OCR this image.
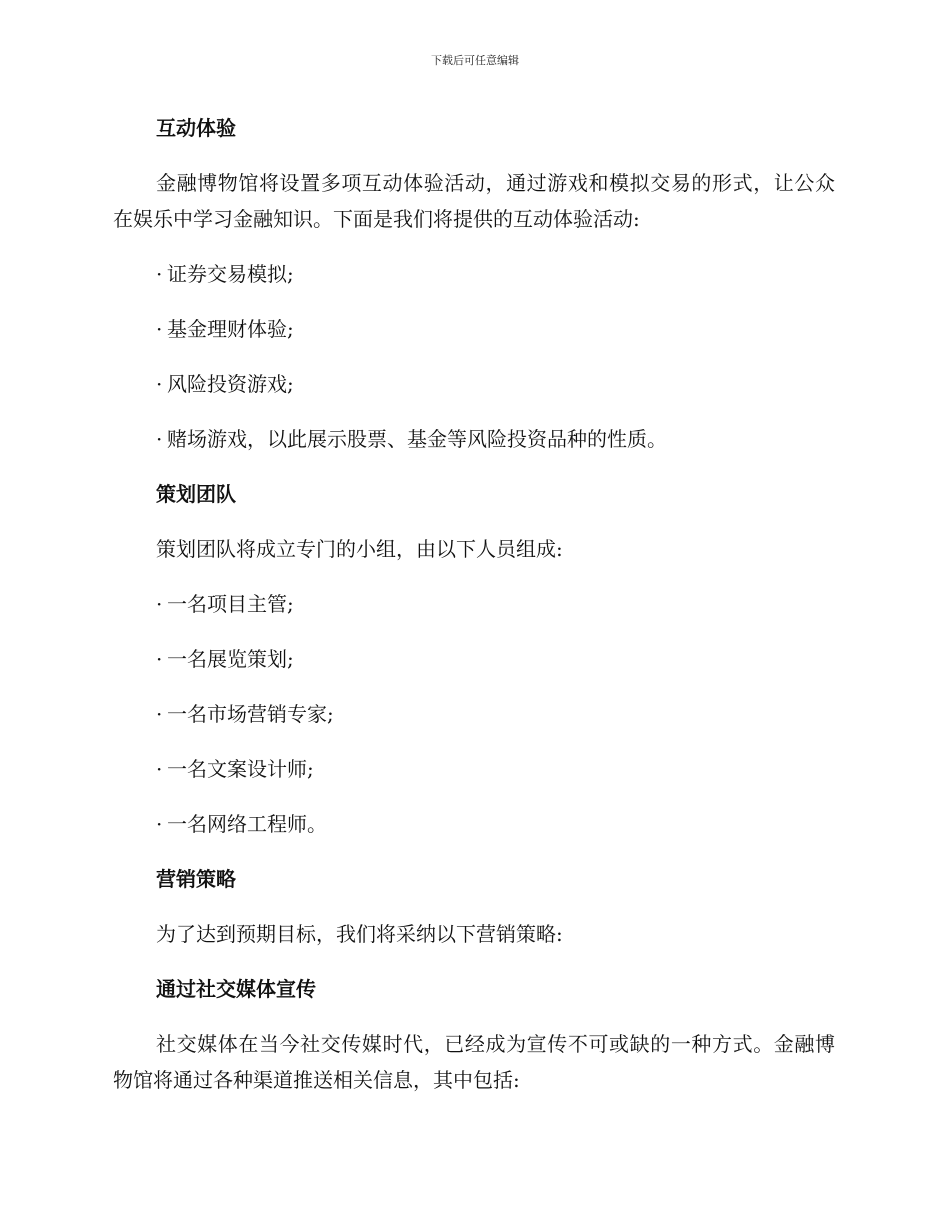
下载后可任意编辑
互动体验

金融博物馆将设置多项互动体验活动，通过游戏和模拟交易的形式，让公众在娱乐中学习金融知识。下面是我们将提供的互动体验活动:

· 证券交易模拟;
· 基金理财体验;
· 风险投资游戏;
· 赌场游戏，以此展示股票、基金等风险投资品种的性质。
策划团队

策划团队将成立专门的小组，由以下人员组成:

· 一名项目主管;
· 一名展览策划;
· 一名市场营销专家;
· 一名文案设计师;
· 一名网络工程师。
营销策略

为了达到预期目标，我们将采纳以下营销策略:

通过社交媒体宣传

社交媒体在当今社交传媒时代，已经成为宣传不可或缺的一种方式。金融博物馆将通过各种渠道推送相关信息，其中包括:
